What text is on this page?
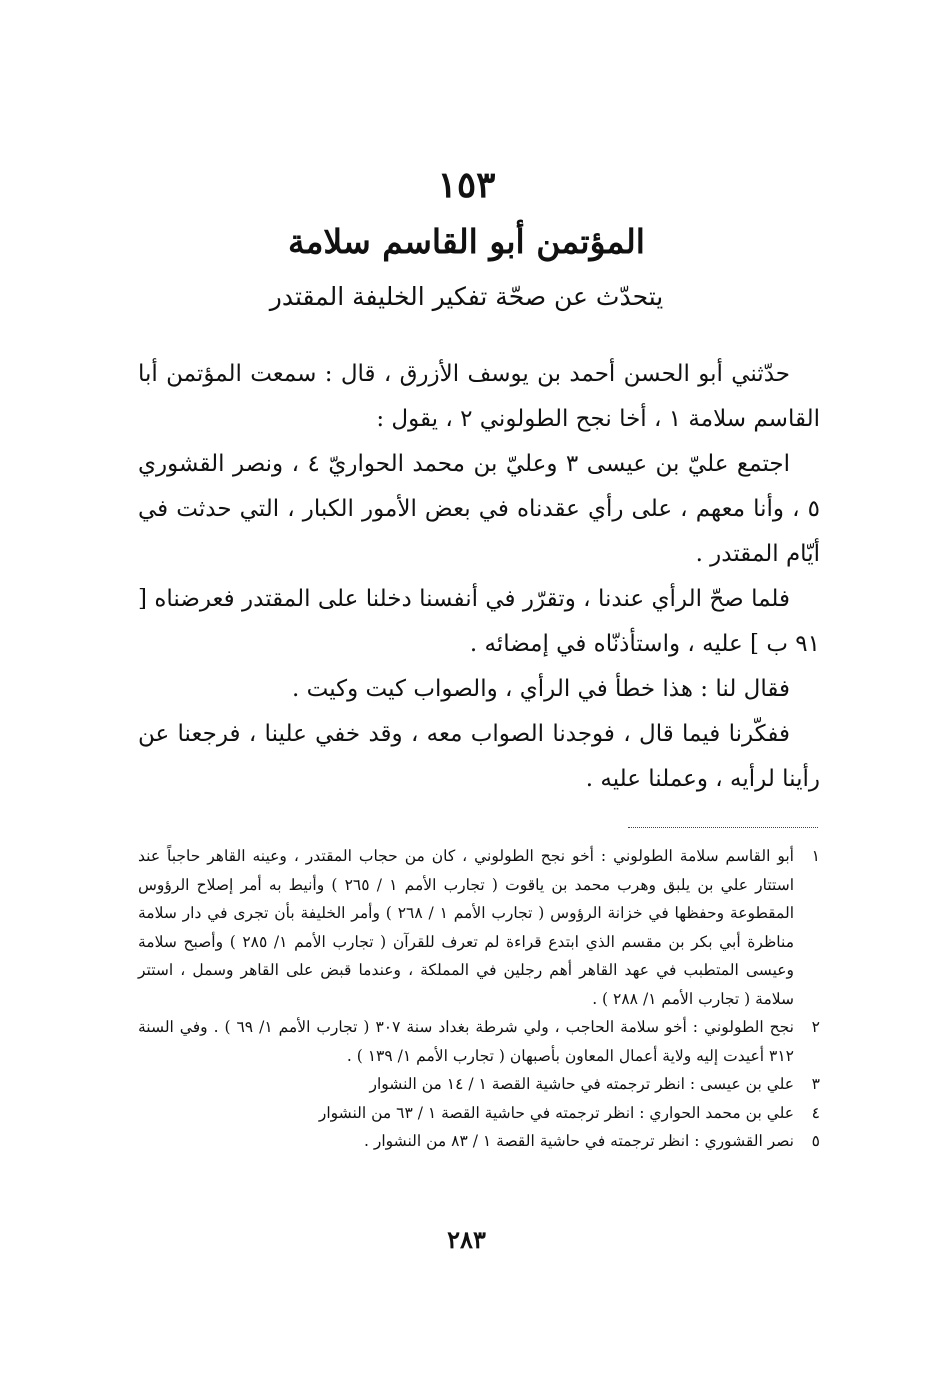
١٥٣
المؤتمن أبو القاسم سلامة
يتحدّث عن صحّة تفكير الخليفة المقتدر

حدّثني أبو الحسن أحمد بن يوسف الأزرق ، قال : سمعت المؤتمن أبا القاسم سلامة ١ ، أخا نجح الطولوني ٢ ، يقول :

اجتمع عليّ بن عيسى ٣ وعليّ بن محمد الحواريّ ٤ ، ونصر القشوري ٥ ، وأنا معهم ، على رأي عقدناه في بعض الأمور الكبار ، التي حدثت في أيّام المقتدر .

فلما صحّ الرأي عندنا ، وتقرّر في أنفسنا دخلنا على المقتدر فعرضناه [ ٩١ ب ] عليه ، واستأذنّاه في إمضائه .

فقال لنا : هذا خطأ في الرأي ، والصواب كيت وكيت .

ففكّرنا فيما قال ، فوجدنا الصواب معه ، وقد خفي علينا ، فرجعنا عن رأينا لرأيه ، وعملنا عليه .

١
أبو القاسم سلامة الطولوني : أخو نجح الطولوني ، كان من حجاب المقتدر ، وعينه القاهر حاجباً عند استتار علي بن يلبق وهرب محمد بن ياقوت ( تجارب الأمم ١ / ٢٦٥ ) وأنيط به أمر إصلاح الرؤوس المقطوعة وحفظها في خزانة الرؤوس ( تجارب الأمم ١ / ٢٦٨ ) وأمر الخليفة بأن تجرى في دار سلامة مناظرة أبي بكر بن مقسم الذي ابتدع قراءة لم تعرف للقرآن ( تجارب الأمم ١/ ٢٨٥ ) وأصبح سلامة وعيسى المتطبب في عهد القاهر أهم رجلين في المملكة ، وعندما قبض على القاهر وسمل ، استتر سلامة ( تجارب الأمم ١/ ٢٨٨ ) .
٢
نجح الطولوني : أخو سلامة الحاجب ، ولي شرطة بغداد سنة ٣٠٧ ( تجارب الأمم ١/ ٦٩ ) . وفي السنة ٣١٢ أعيدت إليه ولاية أعمال المعاون بأصبهان ( تجارب الأمم ١/ ١٣٩ ) .
٣
علي بن عيسى : انظر ترجمته في حاشية القصة ١ / ١٤ من النشوار
٤
علي بن محمد الحواري : انظر ترجمته في حاشية القصة ١ / ٦٣ من النشوار
٥
نصر القشوري : انظر ترجمته في حاشية القصة ١ / ٨٣ من النشوار .
٢٨٣
